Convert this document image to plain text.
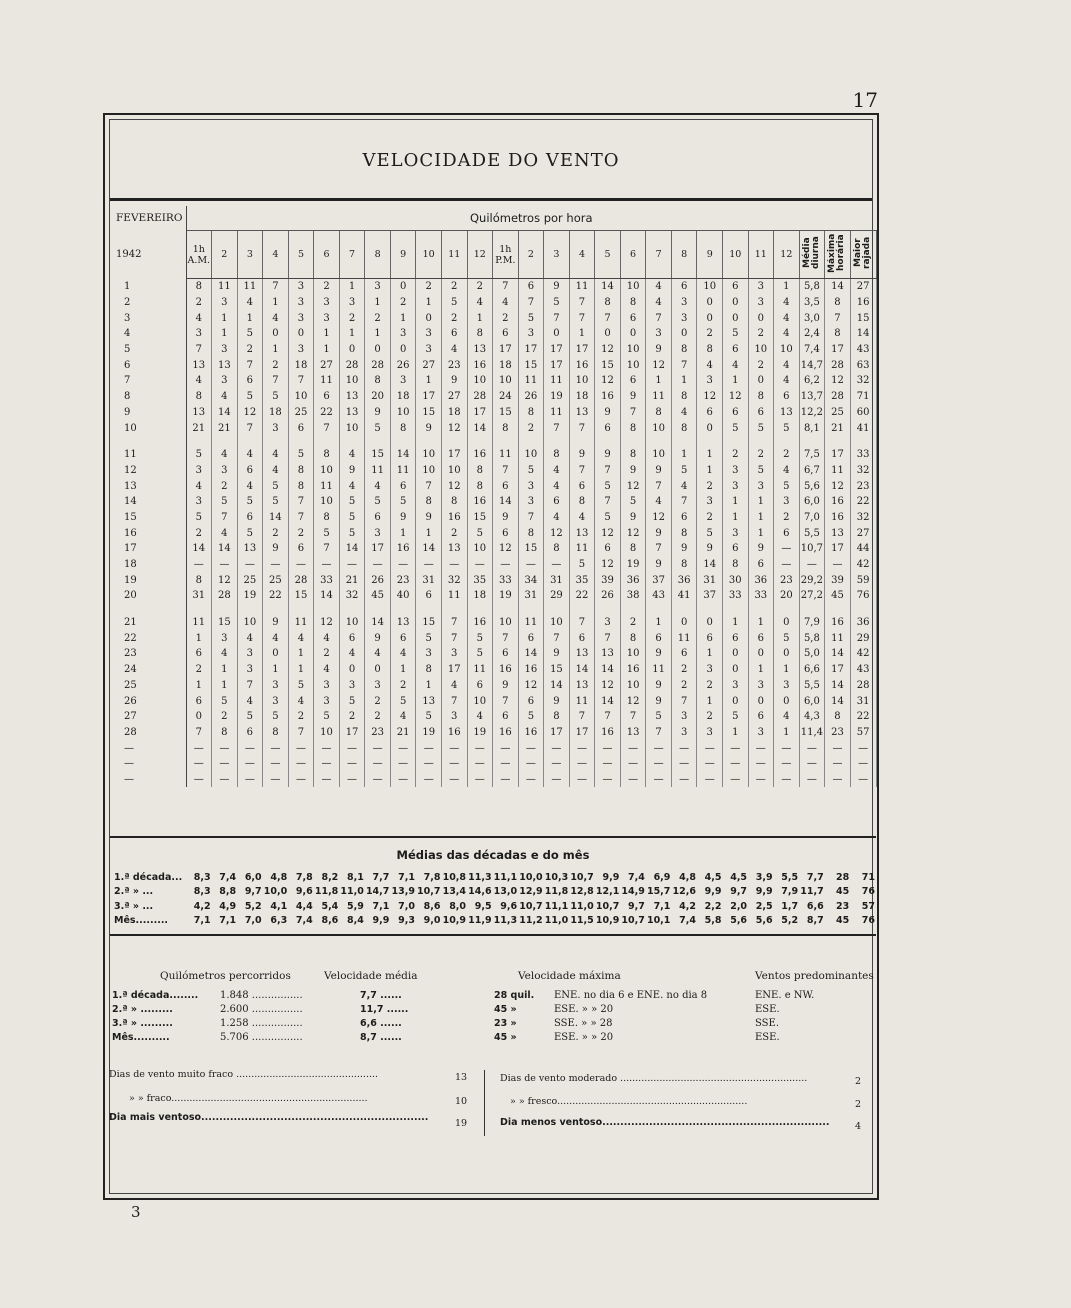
17
VELOCIDADE DO VENTO
FEVEREIRO	Quilómetros por hora																										
1942	1h A.M.	2	3	4	5	6	7	8	9	10	11	12	1h P.M.	2	3	4	5	6	7	8	9	10	11	12	Média diurna	Máxima horária	Maior rajada
1	8	11	11	7	3	2	1	3	0	2	2	2	7	6	9	11	14	10	4	6	10	6	3	1	5,8	14	27
2	2	3	4	1	3	3	3	1	2	1	5	4	4	7	5	7	8	8	4	3	0	0	3	4	3,5	8	16
3	4	1	1	4	3	3	2	2	1	0	2	1	2	5	7	7	7	6	7	3	0	0	0	4	3,0	7	15
4	3	1	5	0	0	1	1	1	3	3	6	8	6	3	0	1	0	0	3	0	2	5	2	4	2,4	8	14
5	7	3	2	1	3	1	0	0	0	3	4	13	17	17	17	17	12	10	9	8	8	6	10	10	7,4	17	43
6	13	13	7	2	18	27	28	28	26	27	23	16	18	15	17	16	15	10	12	7	4	4	2	4	14,7	28	63
7	4	3	6	7	7	11	10	8	3	1	9	10	10	11	11	10	12	6	1	1	3	1	0	4	6,2	12	32
8	8	4	5	5	10	6	13	20	18	17	27	28	24	26	19	18	16	9	11	8	12	12	8	6	13,7	28	71
9	13	14	12	18	25	22	13	9	10	15	18	17	15	8	11	13	9	7	8	4	6	6	6	13	12,2	25	60
10	21	21	7	3	6	7	10	5	8	9	12	14	8	2	7	7	6	8	10	8	0	5	5	5	8,1	21	41

11	5	4	4	4	5	8	4	15	14	10	17	16	11	10	8	9	9	8	10	1	1	2	2	2	7,5	17	33
12	3	3	6	4	8	10	9	11	11	10	10	8	7	5	4	7	7	9	9	5	1	3	5	4	6,7	11	32
13	4	2	4	5	8	11	4	4	6	7	12	8	6	3	4	6	5	12	7	4	2	3	3	5	5,6	12	23
14	3	5	5	5	7	10	5	5	5	8	8	16	14	3	6	8	7	5	4	7	3	1	1	3	6,0	16	22
15	5	7	6	14	7	8	5	6	9	9	16	15	9	7	4	4	5	9	12	6	2	1	1	2	7,0	16	32
16	2	4	5	2	2	5	5	3	1	1	2	5	6	8	12	13	12	12	9	8	5	3	1	6	5,5	13	27
17	14	14	13	9	6	7	14	17	16	14	13	10	12	15	8	11	6	8	7	9	9	6	9	—	10,7	17	44
18	—	—	—	—	—	—	—	—	—	—	—	—	—	—	—	5	12	19	9	8	14	8	6	—	—	—	42
19	8	12	25	25	28	33	21	26	23	31	32	35	33	34	31	35	39	36	37	36	31	30	36	23	29,2	39	59
20	31	28	19	22	15	14	32	45	40	6	11	18	19	31	29	22	26	38	43	41	37	33	33	20	27,2	45	76

21	11	15	10	9	11	12	10	14	13	15	7	16	10	11	10	7	3	2	1	0	0	1	1	0	7,9	16	36
22	1	3	4	4	4	4	6	9	6	5	7	5	7	6	7	6	7	8	6	11	6	6	6	5	5,8	11	29
23	6	4	3	0	1	2	4	4	4	3	3	5	6	14	9	13	13	10	9	6	1	0	0	0	5,0	14	42
24	2	1	3	1	1	4	0	0	1	8	17	11	16	16	15	14	14	16	11	2	3	0	1	1	6,6	17	43
25	1	1	7	3	5	3	3	3	2	1	4	6	9	12	14	13	12	10	9	2	2	3	3	3	5,5	14	28
26	6	5	4	3	4	3	5	2	5	13	7	10	7	6	9	11	14	12	9	7	1	0	0	0	6,0	14	31
27	0	2	5	5	2	5	2	2	4	5	3	4	6	5	8	7	7	7	5	3	2	5	6	4	4,3	8	22
28	7	8	6	8	7	10	17	23	21	19	16	19	16	16	17	17	16	13	7	3	3	1	3	1	11,4	23	57
—	—	—	—	—	—	—	—	—	—	—	—	—	—	—	—	—	—	—	—	—	—	—	—	—	—	—	—
—	—	—	—	—	—	—	—	—	—	—	—	—	—	—	—	—	—	—	—	—	—	—	—	—	—	—	—
—	—	—	—	—	—	—	—	—	—	—	—	—	—	—	—	—	—	—	—	—	—	—	—	—	—	—	—
Médias das décadas e do mês
1.ª década...	8,3	7,4	6,0	4,8	7,8	8,2	8,1	7,7	7,1	7,8	10,8	11,3	11,1	10,0	10,3	10,7	9,9	7,4	6,9	4,8	4,5	4,5	3,9	5,5	7,7	28	71
2.ª » ...	8,3	8,8	9,7	10,0	9,6	11,8	11,0	14,7	13,9	10,7	13,4	14,6	13,0	12,9	11,8	12,8	12,1	14,9	15,7	12,6	9,9	9,7	9,9	7,9	11,7	45	76
3.ª » ...	4,2	4,9	5,2	4,1	4,4	5,4	5,9	7,1	7,0	8,6	8,0	9,5	9,6	10,7	11,1	11,0	10,7	9,7	7,1	4,2	2,2	2,0	2,5	1,7	6,6	23	57
Mês.........	7,1	7,1	7,0	6,3	7,4	8,6	8,4	9,9	9,3	9,0	10,9	11,9	11,3	11,2	11,0	11,5	10,9	10,7	10,1	7,4	5,8	5,6	5,6	5,2	8,7	45	76
Quilómetros percorridos	Velocidade média	Velocidade máxima	Ventos predominantes
1.ª década........ 1.848 ................	7,7 ......	28 quil. ENE. no dia 6 e ENE. no dia 8	ENE. e NW.
2.ª » .........	2.600 ................	11,7 ......	45 »	ESE. » » 20	ESE.
3.ª » .........	1.258 ................	6,6 ......	23 »	SSE. » » 28	SSE.
Mês..........	5.706 ................	8,7 ......	45 »	ESE. » » 20	ESE.
Dias de vento muito fraco ...............................................	13
» » fraco.................................................................	10
Dia mais ventoso...............................................................
19
Dias de vento moderado ..............................................................	2
» » fresco...............................................................	2
Dia menos ventoso...............................................................	4
3
